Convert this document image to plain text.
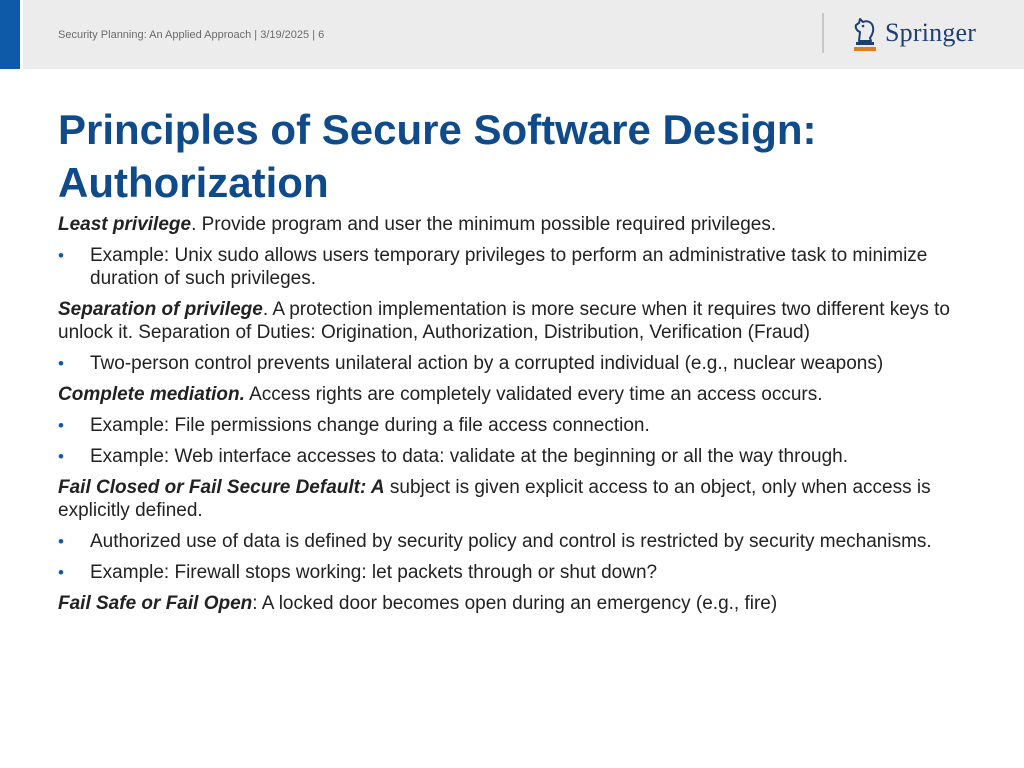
Security Planning: An Applied Approach | 3/19/2025 | 6	Springer
Principles of Secure Software Design: Authorization
Least privilege. Provide program and user the minimum possible required privileges.
• Example: Unix sudo allows users temporary privileges to perform an administrative task to minimize duration of such privileges.
Separation of privilege. A protection implementation is more secure when it requires two different keys to unlock it. Separation of Duties: Origination, Authorization, Distribution, Verification (Fraud)
• Two-person control prevents unilateral action by a corrupted individual (e.g., nuclear weapons)
Complete mediation. Access rights are completely validated every time an access occurs.
• Example: File permissions change during a file access connection.
• Example: Web interface accesses to data: validate at the beginning or all the way through.
Fail Closed or Fail Secure Default: A subject is given explicit access to an object, only when access is explicitly defined.
• Authorized use of data is defined by security policy and control is restricted by security mechanisms.
• Example: Firewall stops working: let packets through or shut down?
Fail Safe or Fail Open: A locked door becomes open during an emergency (e.g., fire)
